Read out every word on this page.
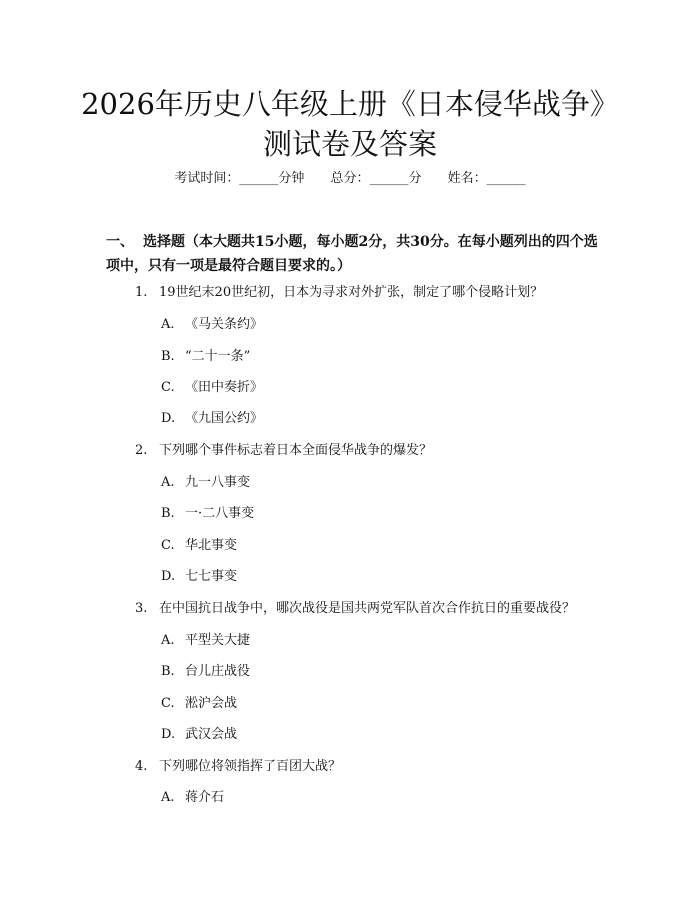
2026年历史八年级上册《日本侵华战争》测试卷及答案
考试时间：______分钟 总分：______分 姓名：______

一、 选择题（本大题共15小题，每小题2分，共30分。在每小题列出的四个选项中，只有一项是最符合题目要求的。）

1. 19世纪末20世纪初，日本为寻求对外扩张，制定了哪个侵略计划？
A. 《马关条约》
B. “二十一条”
C. 《田中奏折》
D. 《九国公约》
2. 下列哪个事件标志着日本全面侵华战争的爆发？
A. 九一八事变
B. 一·二八事变
C. 华北事变
D. 七七事变
3. 在中国抗日战争中，哪次战役是国共两党军队首次合作抗日的重要战役？
A. 平型关大捷
B. 台儿庄战役
C. 淞沪会战
D. 武汉会战
4. 下列哪位将领指挥了百团大战？
A. 蒋介石
